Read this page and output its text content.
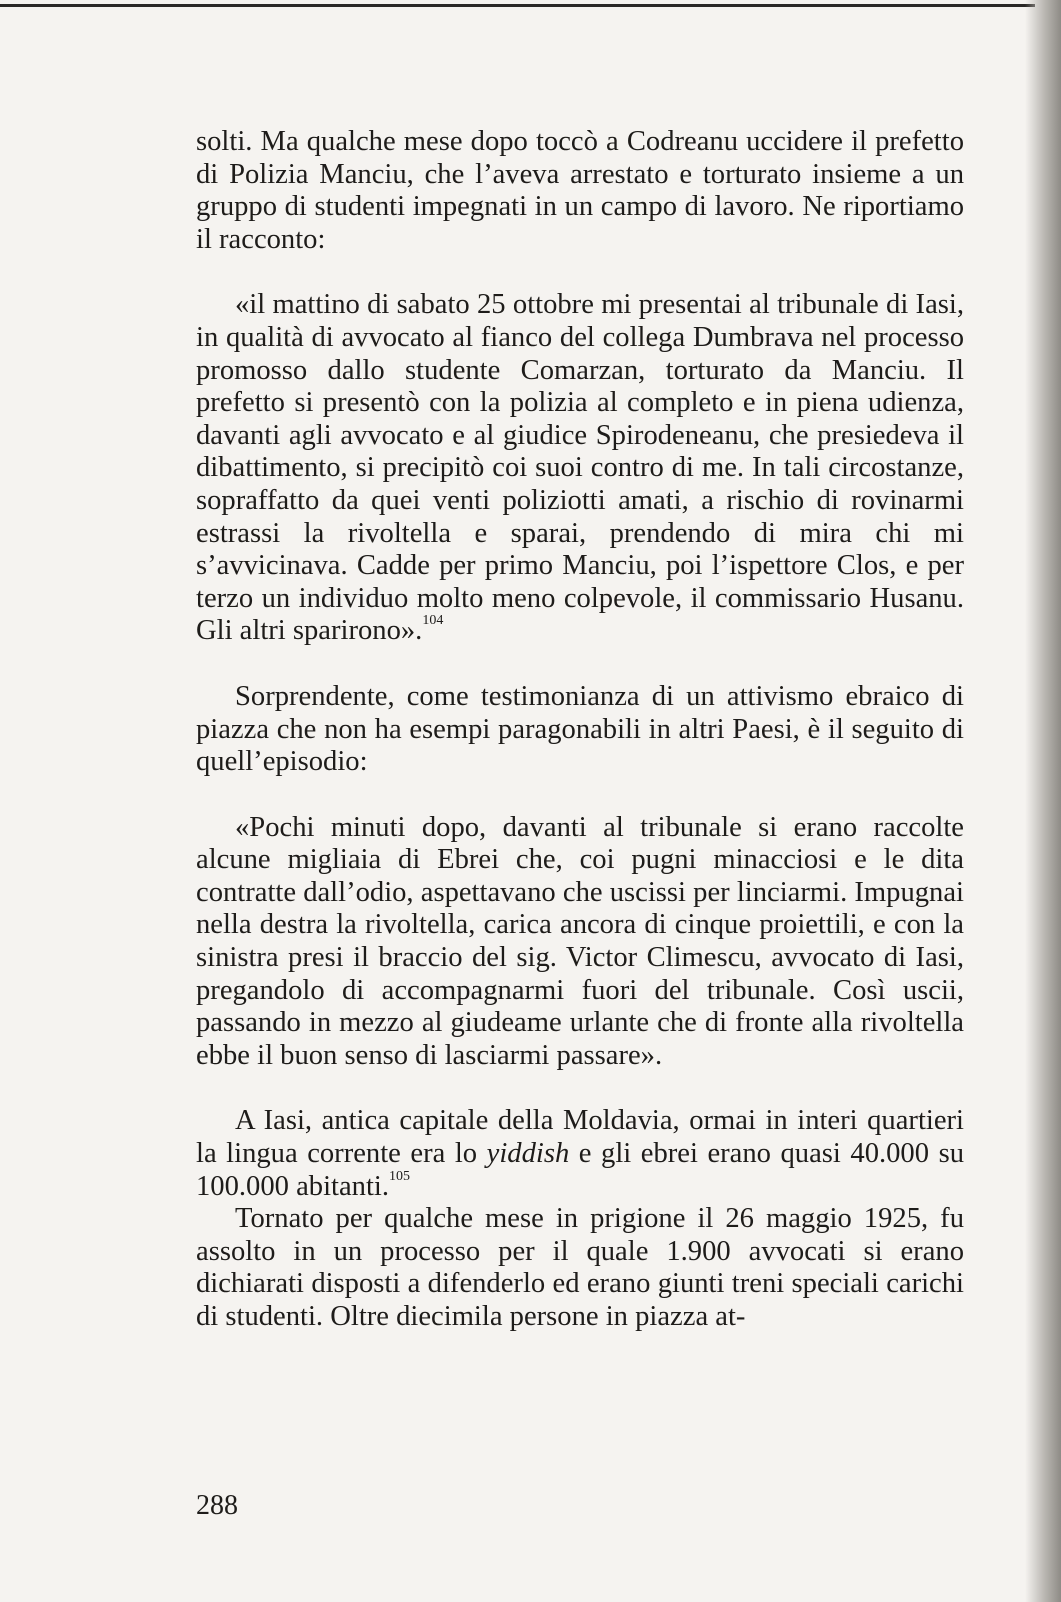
solti. Ma qualche mese dopo toccò a Codreanu uccidere il prefetto di Polizia Manciu, che l’aveva arrestato e torturato insieme a un gruppo di studenti impegnati in un campo di lavoro. Ne riportiamo il racconto:

«il mattino di sabato 25 ottobre mi presentai al tribunale di Iasi, in qualità di avvocato al fianco del collega Dumbrava nel processo promosso dallo studente Comarzan, torturato da Manciu. Il prefetto si presentò con la polizia al completo e in piena udienza, davanti agli avvocato e al giudice Spirodeneanu, che presiedeva il dibattimento, si precipitò coi suoi contro di me. In tali circostanze, sopraffatto da quei venti poliziotti amati, a rischio di rovinarmi estrassi la rivoltella e sparai, prendendo di mira chi mi s’avvicinava. Cadde per primo Manciu, poi l’ispettore Clos, e per terzo un individuo molto meno colpevole, il commissario Husanu. Gli altri sparirono».$^{104}$

Sorprendente, come testimonianza di un attivismo ebraico di piazza che non ha esempi paragonabili in altri Paesi, è il seguito di quell’episodio:

«Pochi minuti dopo, davanti al tribunale si erano raccolte alcune migliaia di Ebrei che, coi pugni minacciosi e le dita contratte dall’odio, aspettavano che uscissi per linciarmi. Impugnai nella destra la rivoltella, carica ancora di cinque proiettili, e con la sinistra presi il braccio del sig. Victor Climescu, avvocato di Iasi, pregandolo di accompagnarmi fuori del tribunale. Così uscii, passando in mezzo al giudeame urlante che di fronte alla rivoltella ebbe il buon senso di lasciarmi passare».

A Iasi, antica capitale della Moldavia, ormai in interi quartieri la lingua corrente era lo yiddish e gli ebrei erano quasi 40.000 su 100.000 abitanti.$^{105}$

Tornato per qualche mese in prigione il 26 maggio 1925, fu assolto in un processo per il quale 1.900 avvocati si erano dichiarati disposti a difenderlo ed erano giunti treni speciali carichi di studenti. Oltre diecimila persone in piazza at-

288
